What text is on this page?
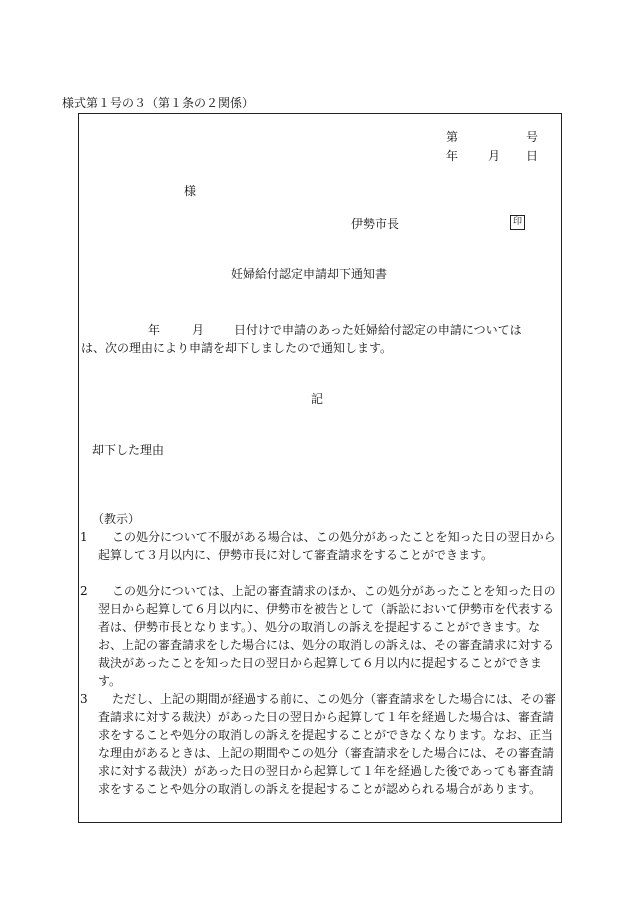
様式第１号の３（第１条の２関係）
第	号
年 月 日
様
伊勢市長	印
妊婦給付認定申請却下通知書
年	月 日付けで申請のあった妊婦給付認定の申請については
は、次の理由により申請を却下しましたので通知します。
記
却下した理由
（教示）
1	この処分について不服がある場合は、この処分があったことを知った日の翌日から起算して３月以内に、伊勢市長に対して審査請求をすることができます。
2	この処分については、上記の審査請求のほか、この処分があったことを知った日の翌日から起算して６月以内に、伊勢市を被告として（訴訟において伊勢市を代表する者は、伊勢市長となります。）、処分の取消しの訴えを提起することができます。なお、上記の審査請求をした場合には、処分の取消しの訴えは、その審査請求に対する裁決があったことを知った日の翌日から起算して６月以内に提起することができます。
3	ただし、上記の期間が経過する前に、この処分（審査請求をした場合には、その審査請求に対する裁決）があった日の翌日から起算して１年を経過した場合は、審査請求をすることや処分の取消しの訴えを提起することができなくなります。なお、正当な理由があるときは、上記の期間やこの処分（審査請求をした場合には、その審査請求に対する裁決）があった日の翌日から起算して１年を経過した後であっても審査請求をすることや処分の取消しの訴えを提起することが認められる場合があります。
